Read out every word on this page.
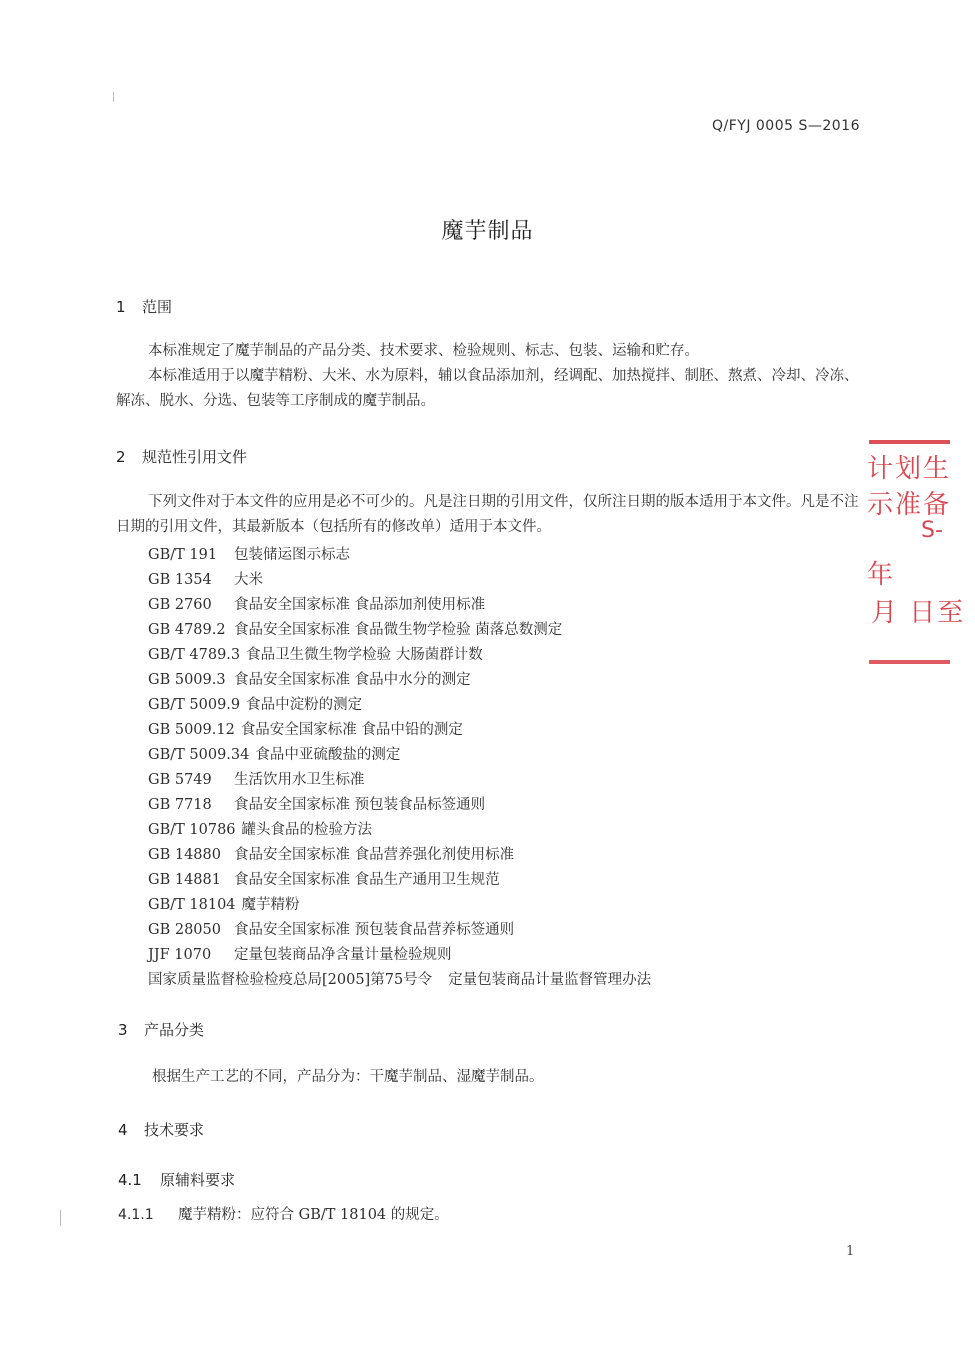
Q/FYJ 0005 S—2016
魔芋制品
1 范围
本标准规定了魔芋制品的产品分类、技术要求、检验规则、标志、包装、运输和贮存。
本标准适用于以魔芋精粉、大米、水为原料，辅以食品添加剂，经调配、加热搅拌、制胚、熬煮、冷却、冷冻、解冻、脱水、分选、包装等工序制成的魔芋制品。
2 规范性引用文件
下列文件对于本文件的应用是必不可少的。凡是注日期的引用文件，仅所注日期的版本适用于本文件。凡是不注日期的引用文件，其最新版本（包括所有的修改单）适用于本文件。
GB/T 191 包装储运图示标志
GB 1354 大米
GB 2760 食品安全国家标准 食品添加剂使用标准
GB 4789.2 食品安全国家标准 食品微生物学检验 菌落总数测定
GB/T 4789.3 食品卫生微生物学检验 大肠菌群计数
GB 5009.3 食品安全国家标准 食品中水分的测定
GB/T 5009.9 食品中淀粉的测定
GB 5009.12 食品安全国家标准 食品中铅的测定
GB/T 5009.34 食品中亚硫酸盐的测定
GB 5749 生活饮用水卫生标准
GB 7718 食品安全国家标准 预包装食品标签通则
GB/T 10786 罐头食品的检验方法
GB 14880 食品安全国家标准 食品营养强化剂使用标准
GB 14881 食品安全国家标准 食品生产通用卫生规范
GB/T 18104 魔芋精粉
GB 28050 食品安全国家标准 预包装食品营养标签通则
JJF 1070 定量包装商品净含量计量检验规则
国家质量监督检验检疫总局[2005]第75号令 定量包装商品计量监督管理办法
3 产品分类
根据生产工艺的不同，产品分为：干魔芋制品、湿魔芋制品。
4 技术要求
4.1 原辅料要求
4.1.1 魔芋精粉：应符合 GB/T 18104 的规定。
1
计划生
示准备
S-
年
月 日至
